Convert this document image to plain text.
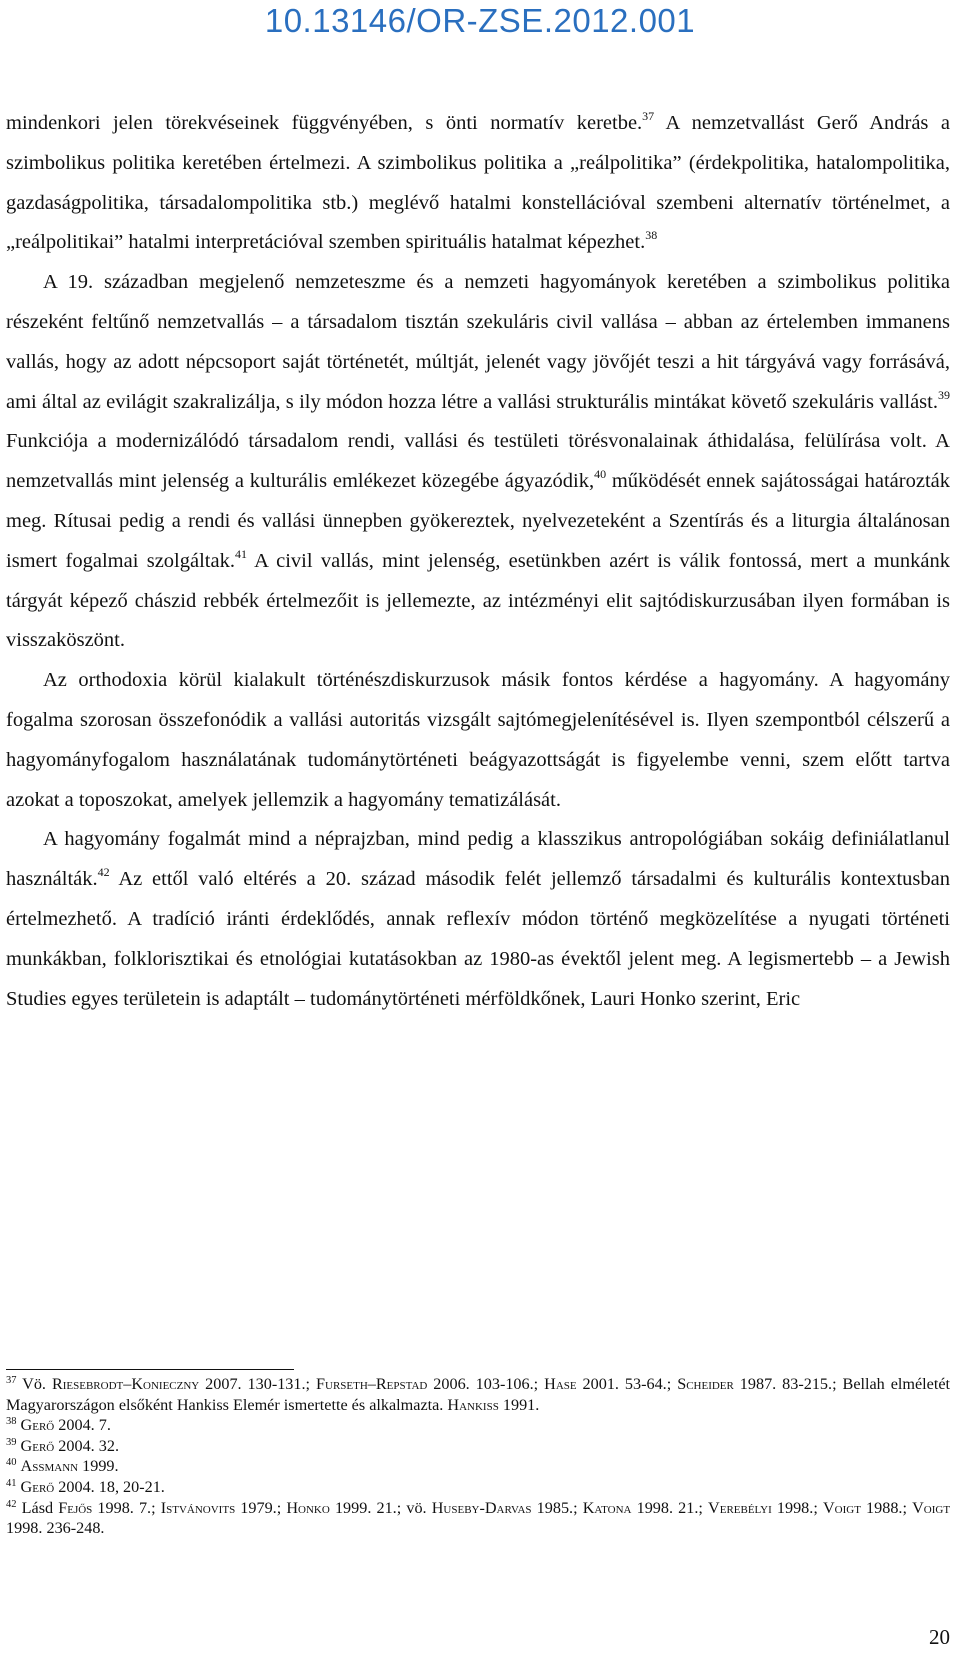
10.13146/OR-ZSE.2012.001

mindenkori jelen törekvéseinek függvényében, s önti normatív keretbe.$^{37}$ A nemzetvallást Gerő András a szimbolikus politika keretében értelmezi. A szimbolikus politika a „reálpolitika” (érdekpolitika, hatalompolitika, gazdaságpolitika, társadalompolitika stb.) meglévő hatalmi konstellációval szembeni alternatív történelmet, a „reálpolitikai” hatalmi interpretációval szemben spirituális hatalmat képezhet.$^{38}$

A 19. században megjelenő nemzeteszme és a nemzeti hagyományok keretében a szimbolikus politika részeként feltűnő nemzetvallás – a társadalom tisztán szekuláris civil vallása – abban az értelemben immanens vallás, hogy az adott népcsoport saját történetét, múltját, jelenét vagy jövőjét teszi a hit tárgyává vagy forrásává, ami által az evilágit szakralizálja, s ily módon hozza létre a vallási strukturális mintákat követő szekuláris vallást.$^{39}$ Funkciója a modernizálódó társadalom rendi, vallási és testületi törésvonalainak áthidalása, felülírása volt. A nemzetvallás mint jelenség a kulturális emlékezet közegébe ágyazódik,$^{40}$ működését ennek sajátosságai határozták meg. Rítusai pedig a rendi és vallási ünnepben gyökereztek, nyelvezeteként a Szentírás és a liturgia általánosan ismert fogalmai szolgáltak.$^{41}$ A civil vallás, mint jelenség, esetünkben azért is válik fontossá, mert a munkánk tárgyát képező chászid rebbék értelmezőit is jellemezte, az intézményi elit sajtódiskurzusában ilyen formában is visszaköszönt.

Az orthodoxia körül kialakult történészdiskurzusok másik fontos kérdése a hagyomány. A hagyomány fogalma szorosan összefonódik a vallási autoritás vizsgált sajtómegjelenítésével is. Ilyen szempontból célszerű a hagyományfogalom használatának tudománytörténeti beágyazottságát is figyelembe venni, szem előtt tartva azokat a toposzokat, amelyek jellemzik a hagyomány tematizálását.

A hagyomány fogalmát mind a néprajzban, mind pedig a klasszikus antropológiában sokáig definiálatlanul használták.$^{42}$ Az ettől való eltérés a 20. század második felét jellemző társadalmi és kulturális kontextusban értelmezhető. A tradíció iránti érdeklődés, annak reflexív módon történő megközelítése a nyugati történeti munkákban, folklorisztikai és etnológiai kutatásokban az 1980-as évektől jelent meg. A legismertebb – a Jewish Studies egyes területein is adaptált – tudománytörténeti mérföldkőnek, Lauri Honko szerint, Eric

$^{37}$ Vö. Riesebrodt–Konieczny 2007. 130-131.; Furseth–Repstad 2006. 103-106.; Hase 2001. 53-64.; Scheider 1987. 83-215.; Bellah elméletét Magyarországon elsőként Hankiss Elemér ismertette és alkalmazta. Hankiss 1991.

$^{38}$ Gerő 2004. 7.

$^{39}$ Gerő 2004. 32.

$^{40}$ Assmann 1999.

$^{41}$ Gerő 2004. 18, 20-21.

$^{42}$ Lásd Fejős 1998. 7.; Istvánovits 1979.; Honko 1999. 21.; vö. Huseby-Darvas 1985.; Katona 1998. 21.; Verebélyi 1998.; Voigt 1988.; Voigt 1998. 236-248.

20
